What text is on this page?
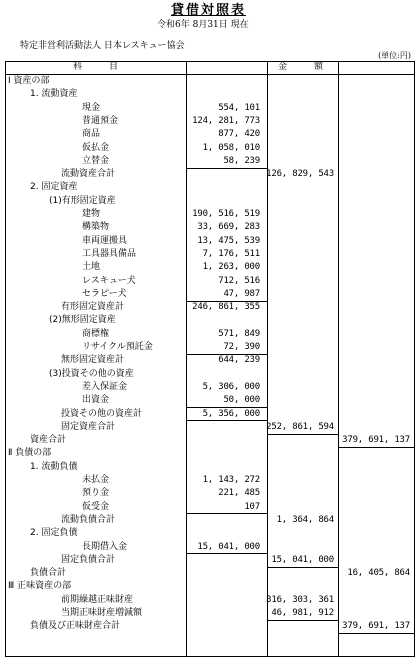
貸借対照表
令和6年 8月31日 現在
特定非営利活動法人 日本レスキュー協会
(単位:円)
科　　　目	金　　　額
Ⅰ 資産の部
1. 流動資産
現金	554, 101
普通預金	124, 281, 773
商品	877, 420
仮払金	1, 058, 010
立替金	58, 239
流動資産合計	126, 829, 543
2. 固定資産
(1)有形固定資産
建物	190, 516, 519
構築物	33, 669, 283
車両運搬具	13, 475, 539
工具器具備品	7, 176, 511
土地	1, 263, 000
レスキュー犬	712, 516
セラピー犬	47, 987
有形固定資産計	246, 861, 355
(2)無形固定資産
商標権	571, 849
リサイクル預託金	72, 390
無形固定資産計	644, 239
(3)投資その他の資産
差入保証金	5, 306, 000
出資金	50, 000
投資その他の資産計	5, 356, 000
固定資産合計	252, 861, 594
資産合計	379, 691, 137
Ⅱ 負債の部
1. 流動負債
未払金	1, 143, 272
預り金	221, 485
仮受金	107
流動負債合計	1, 364, 864
2. 固定負債
長期借入金	15, 041, 000
固定負債合計	15, 041, 000
負債合計	16, 405, 864
Ⅲ 正味資産の部
前期繰越正味財産	316, 303, 361
当期正味財産増減額	46, 981, 912
負債及び正味財産合計	379, 691, 137
